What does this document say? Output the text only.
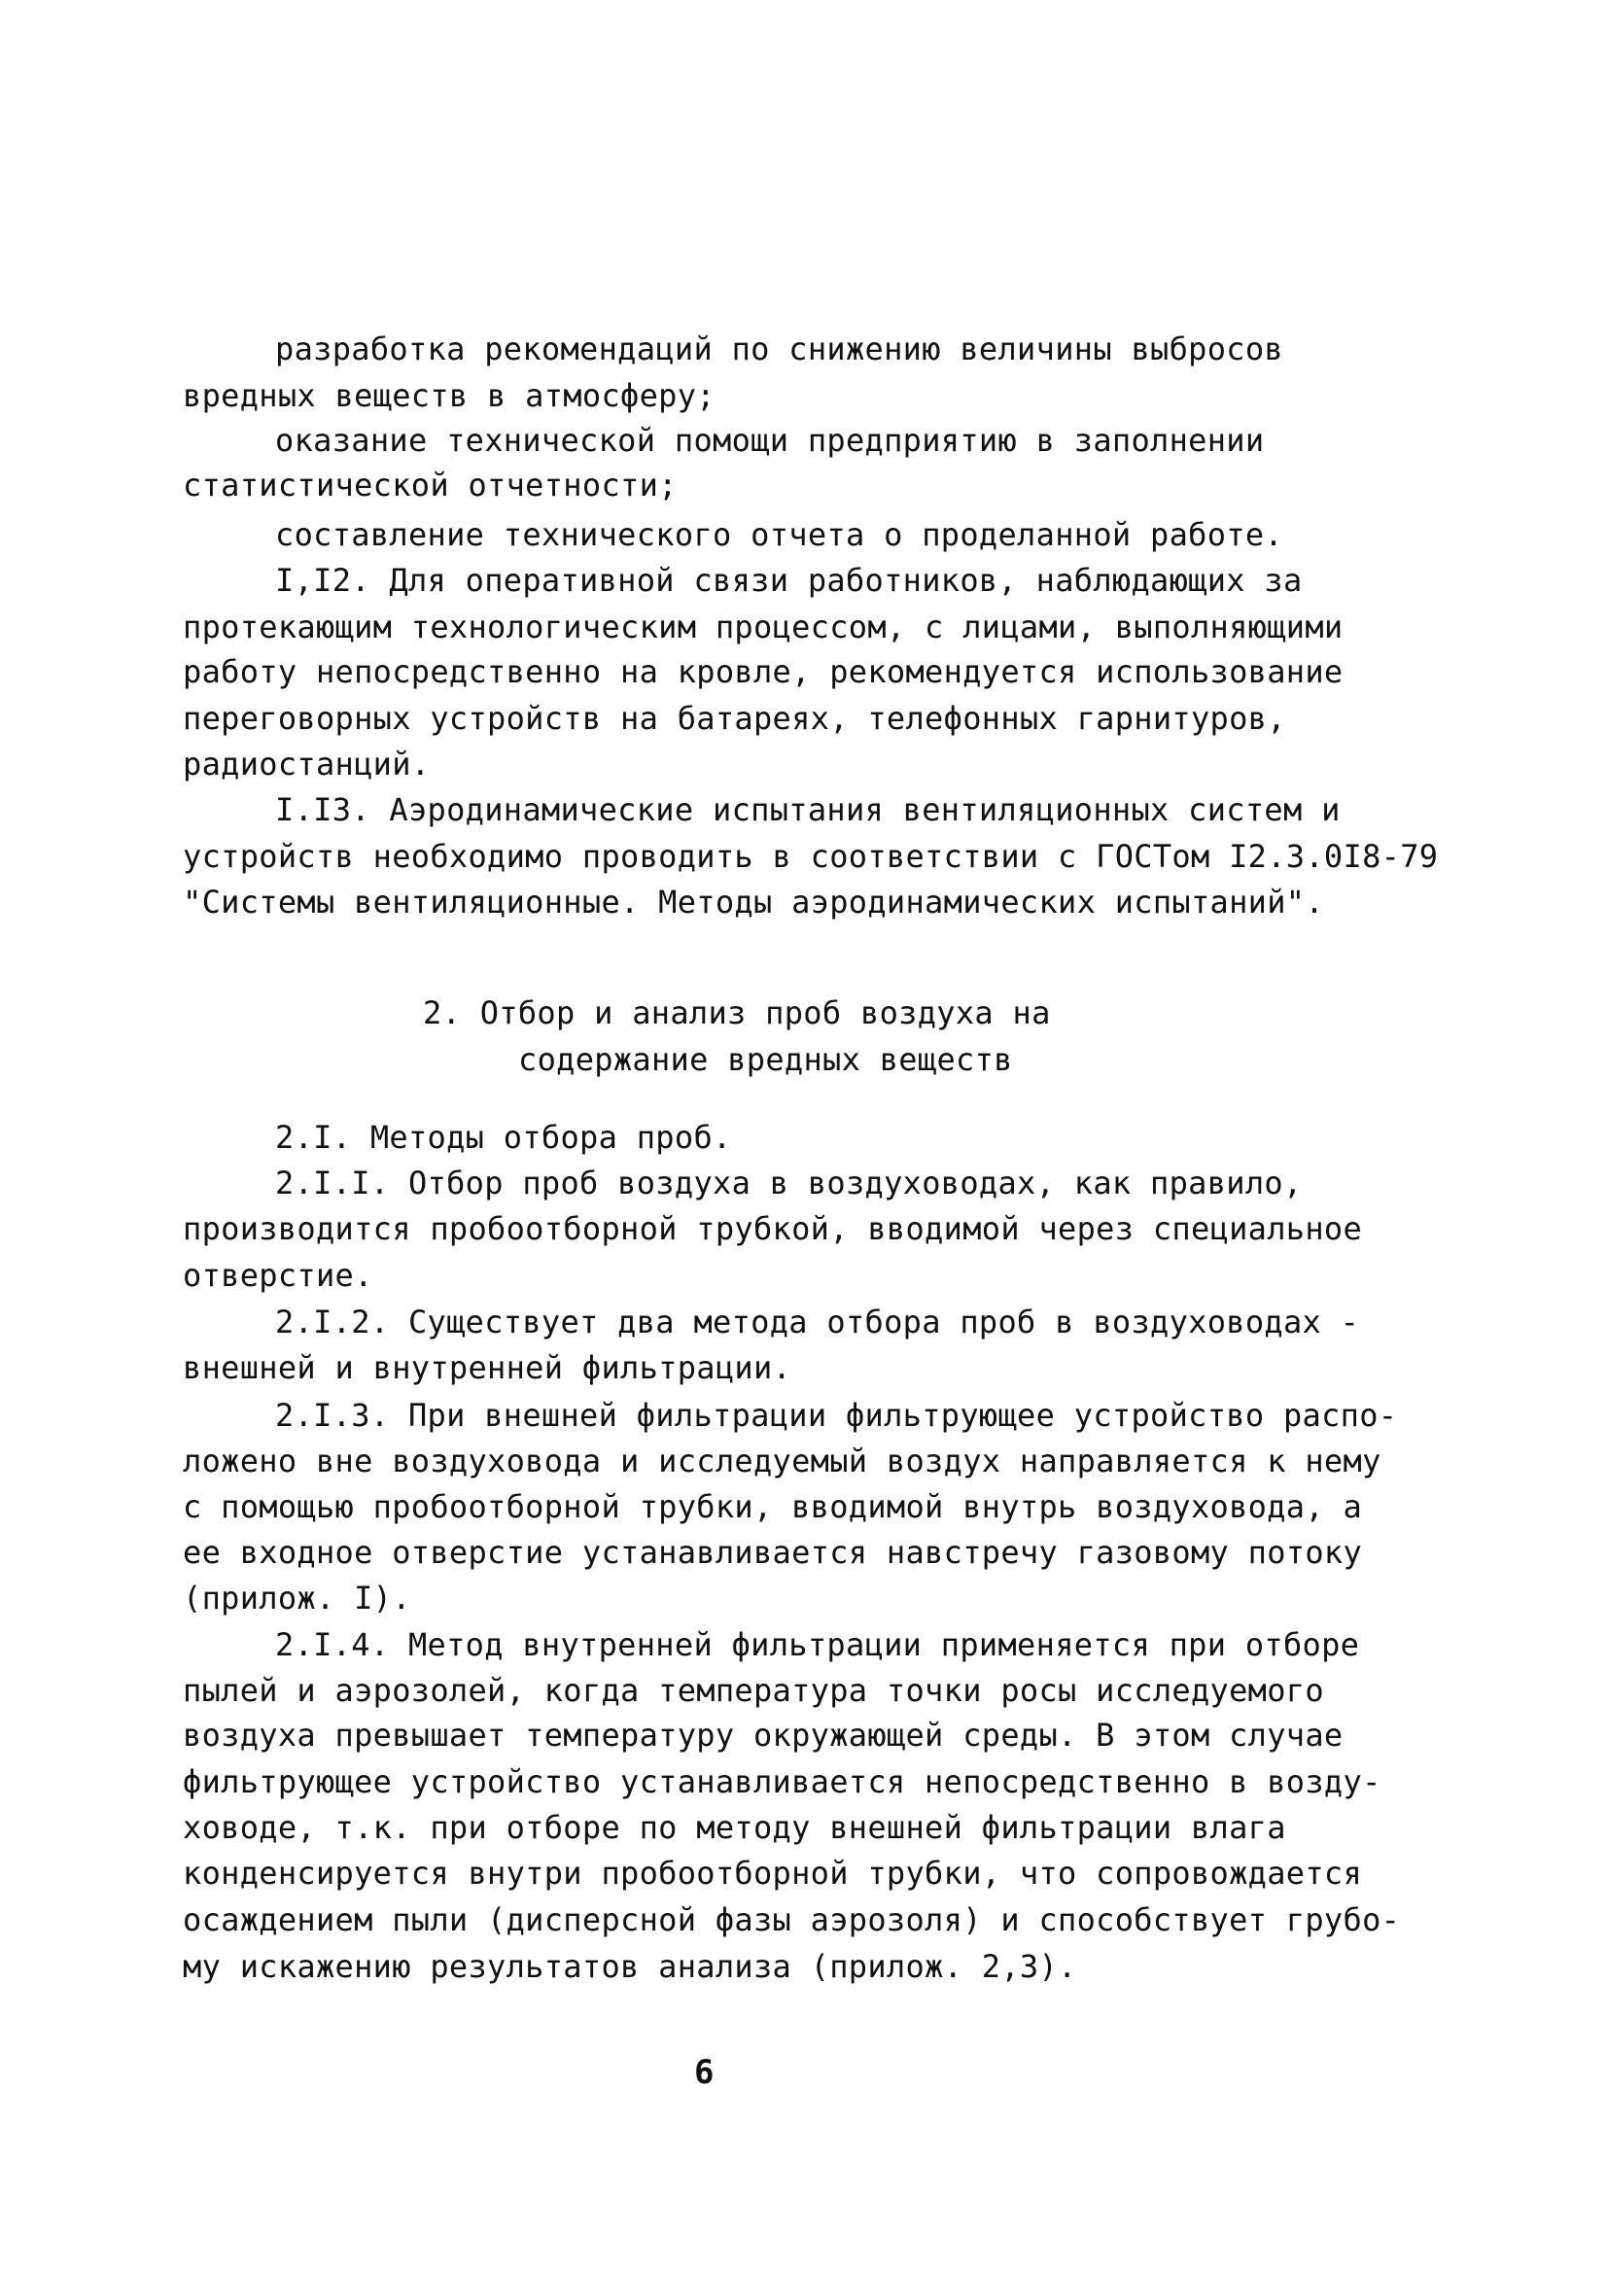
разработка рекомендаций по снижению величины выбросов
вредных веществ в атмосферу;
оказание технической помощи предприятию в заполнении
статистической отчетности;
составление технического отчета о проделанной работе.
I,I2. Для оперативной связи работников, наблюдающих за
протекающим технологическим процессом, с лицами, выполняющими
работу непосредственно на кровле, рекомендуется использование
переговорных устройств на батареях, телефонных гарнитуров,
радиостанций.
I.I3. Аэродинамические испытания вентиляционных систем и
устройств необходимо проводить в соответствии с ГОСТом I2.3.0I8-79
"Системы вентиляционные. Методы аэродинамических испытаний".
2. Отбор и анализ проб воздуха на
содержание вредных веществ
2.I. Методы отбора проб.
2.I.I. Отбор проб воздуха в воздуховодах, как правило,
производится пробоотборной трубкой, вводимой через специальное
отверстие.
2.I.2. Существует два метода отбора проб в воздуховодах -
внешней и внутренней фильтрации.
2.I.3. При внешней фильтрации фильтрующее устройство распо-
ложено вне воздуховода и исследуемый воздух направляется к нему
с помощью пробоотборной трубки, вводимой внутрь воздуховода, а
ее входное отверстие устанавливается навстречу газовому потоку
(прилож. I).
2.I.4. Метод внутренней фильтрации применяется при отборе
пылей и аэрозолей, когда температура точки росы исследуемого
воздуха превышает температуру окружающей среды. В этом случае
фильтрующее устройство устанавливается непосредственно в возду-
ховоде, т.к. при отборе по методу внешней фильтрации влага
конденсируется внутри пробоотборной трубки, что сопровождается
осаждением пыли (дисперсной фазы аэрозоля) и способствует грубо-
му искажению результатов анализа (прилож. 2,3).
6
